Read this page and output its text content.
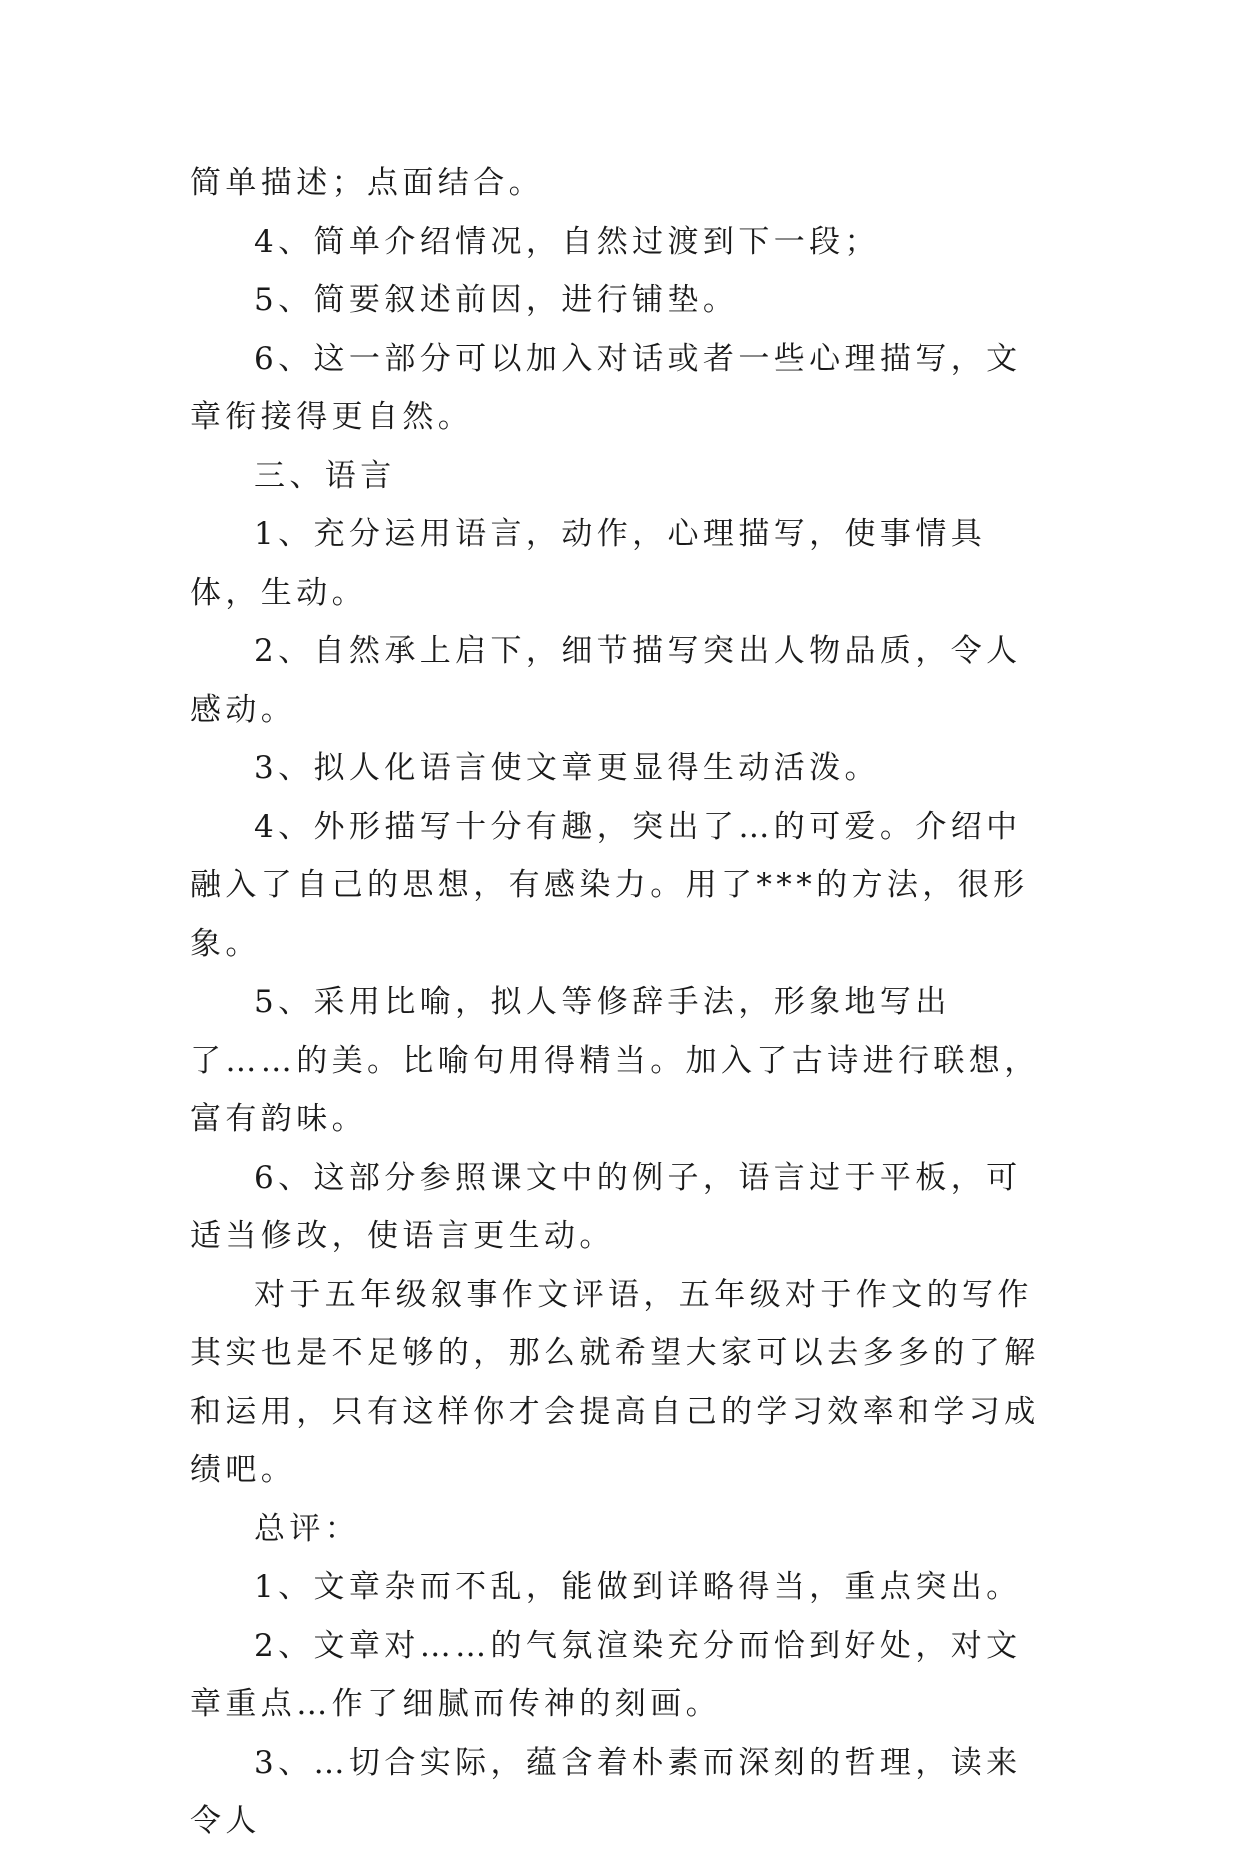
简单描述；点面结合。

4、简单介绍情况，自然过渡到下一段；

5、简要叙述前因，进行铺垫。

6、这一部分可以加入对话或者一些心理描写，文章衔接得更自然。

三、语言

1、充分运用语言，动作，心理描写，使事情具体，生动。

2、自然承上启下，细节描写突出人物品质，令人感动。

3、拟人化语言使文章更显得生动活泼。

4、外形描写十分有趣，突出了…的可爱。介绍中融入了自己的思想，有感染力。用了***的方法，很形象。

5、采用比喻，拟人等修辞手法，形象地写出了……的美。比喻句用得精当。加入了古诗进行联想，富有韵味。

6、这部分参照课文中的例子，语言过于平板，可适当修改，使语言更生动。

对于五年级叙事作文评语，五年级对于作文的写作其实也是不足够的，那么就希望大家可以去多多的了解和运用，只有这样你才会提高自己的学习效率和学习成绩吧。

总评：

1、文章杂而不乱，能做到详略得当，重点突出。

2、文章对……的气氛渲染充分而恰到好处，对文章重点…作了细腻而传神的刻画。

3、…切合实际，蕴含着朴素而深刻的哲理，读来令人
